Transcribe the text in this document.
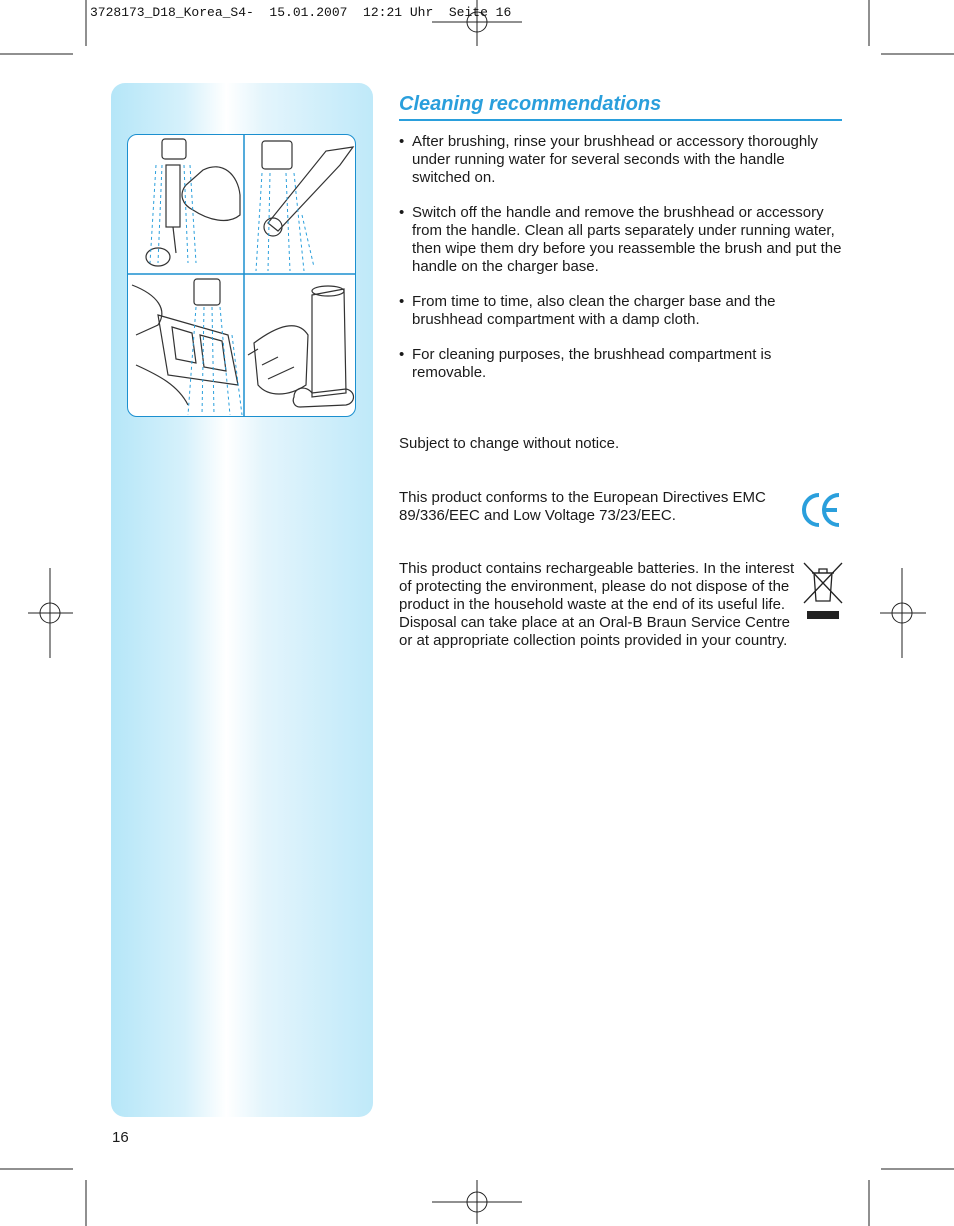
3728173_D18_Korea_S4-  15.01.2007  12:21 Uhr  Seite 16
Cleaning recommendations
• After brushing, rinse your brushhead or accessory thoroughly under running water for several seconds with the handle switched on.
• Switch off the handle and remove the brushhead or accessory from the handle. Clean all parts separately under running water, then wipe them dry before you reassemble the brush and put the handle on the charger base.
• From time to time, also clean the charger base and the brushhead compartment with a damp cloth.
• For cleaning purposes, the brushhead compartment is removable.

Subject to change without notice.

This product conforms to the European Directives EMC 89/336/EEC and Low Voltage 73/23/EEC.

This product contains rechargeable batteries. In the interest of protecting the environment, please do not dispose of the product in the household waste at the end of its useful life. Disposal can take place at an Oral-B Braun Service Centre or at appropriate collection points provided in your country.

16
